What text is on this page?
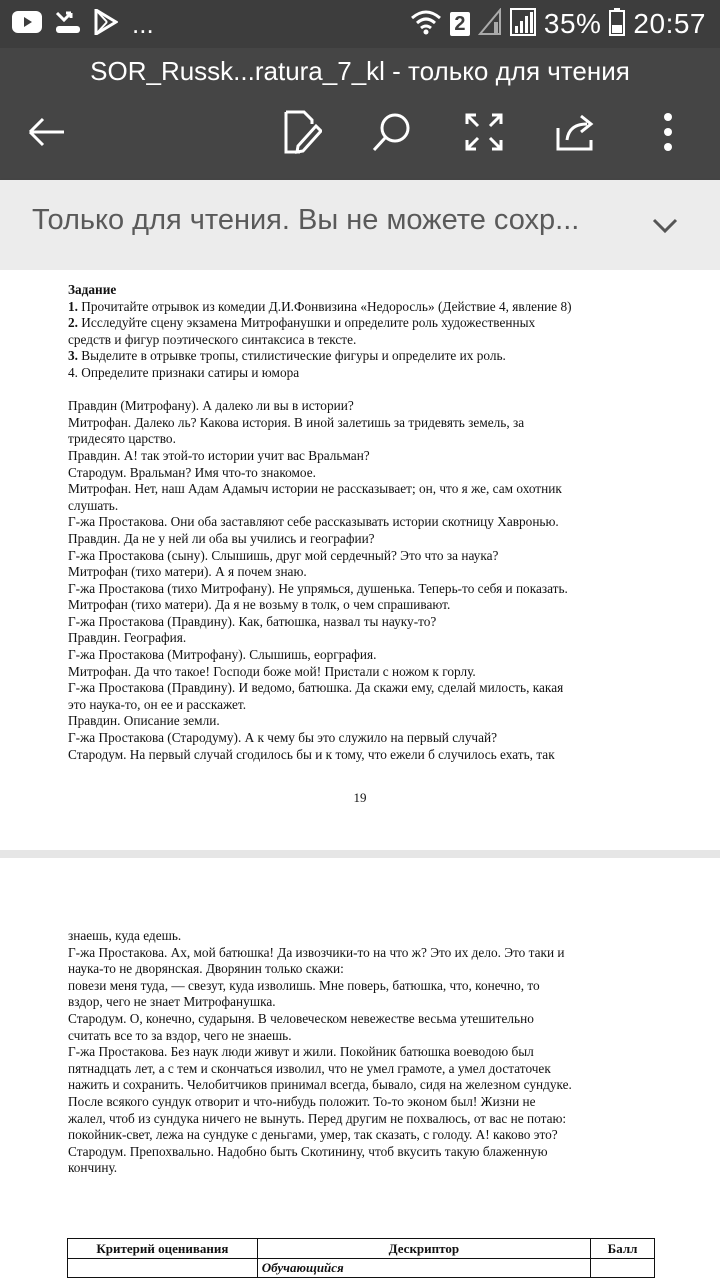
...	2	35% 20:57
SOR_Russk...ratura_7_kl - только для чтения
Только для чтения. Вы не можете сохр...

Задание

1. Прочитайте отрывок из комедии Д.И.Фонвизина «Недоросль» (Действие 4, явление 8)

2. Исследуйте сцену экзамена Митрофанушки и определите роль художественных

средств и фигур поэтического синтаксиса в тексте.

3. Выделите в отрывке тропы, стилистические фигуры и определите их роль.

4. Определите признаки сатиры и юмора

Правдин (Митрофану). А далеко ли вы в истории?

Митрофан. Далеко ль? Какова история. В иной залетишь за тридевять земель, за

тридесято царство.

Правдин. А! так этой-то истории учит вас Вральман?

Стародум. Вральман? Имя что-то знакомое.

Митрофан. Нет, наш Адам Адамыч истории не рассказывает; он, что я же, сам охотник

слушать.

Г-жа Простакова. Они оба заставляют себе рассказывать истории скотницу Хавронью.

Правдин. Да не у ней ли оба вы учились и географии?

Г-жа Простакова (сыну). Слышишь, друг мой сердечный? Это что за наука?

Митрофан (тихо матери). А я почем знаю.

Г-жа Простакова (тихо Митрофану). Не упрямься, душенька. Теперь-то себя и показать.

Митрофан (тихо матери). Да я не возьму в толк, о чем спрашивают.

Г-жа Простакова (Правдину). Как, батюшка, назвал ты науку-то?

Правдин. География.

Г-жа Простакова (Митрофану). Слышишь, еорграфия.

Митрофан. Да что такое! Господи боже мой! Пристали с ножом к горлу.

Г-жа Простакова (Правдину). И ведомо, батюшка. Да скажи ему, сделай милость, какая

это наука-то, он ее и расскажет.

Правдин. Описание земли.

Г-жа Простакова (Стародуму). А к чему бы это служило на первый случай?

Стародум. На первый случай сгодилось бы и к тому, что ежели б случилось ехать, так

19

знаешь, куда едешь.

Г-жа Простакова. Ах, мой батюшка! Да извозчики-то на что ж? Это их дело. Это таки и

наука-то не дворянская. Дворянин только скажи:

повези меня туда, — свезут, куда изволишь. Мне поверь, батюшка, что, конечно, то

вздор, чего не знает Митрофанушка.

Стародум. О, конечно, сударыня. В человеческом невежестве весьма утешительно

считать все то за вздор, чего не знаешь.

Г-жа Простакова. Без наук люди живут и жили. Покойник батюшка воеводою был

пятнадцать лет, а с тем и скончаться изволил, что не умел грамоте, а умел достаточек

нажить и сохранить. Челобитчиков принимал всегда, бывало, сидя на железном сундуке.

После всякого сундук отворит и что-нибудь положит. То-то эконом был! Жизни не

жалел, чтоб из сундука ничего не вынуть. Перед другим не похвалюсь, от вас не потаю:

покойник-свет, лежа на сундуке с деньгами, умер, так сказать, с голоду. А! каково это?

Стародум. Препохвально. Надобно быть Скотинину, чтоб вкусить такую блаженную

кончину.

Критерий оценивания	Дескриптор	Балл
	Обучающийся	
